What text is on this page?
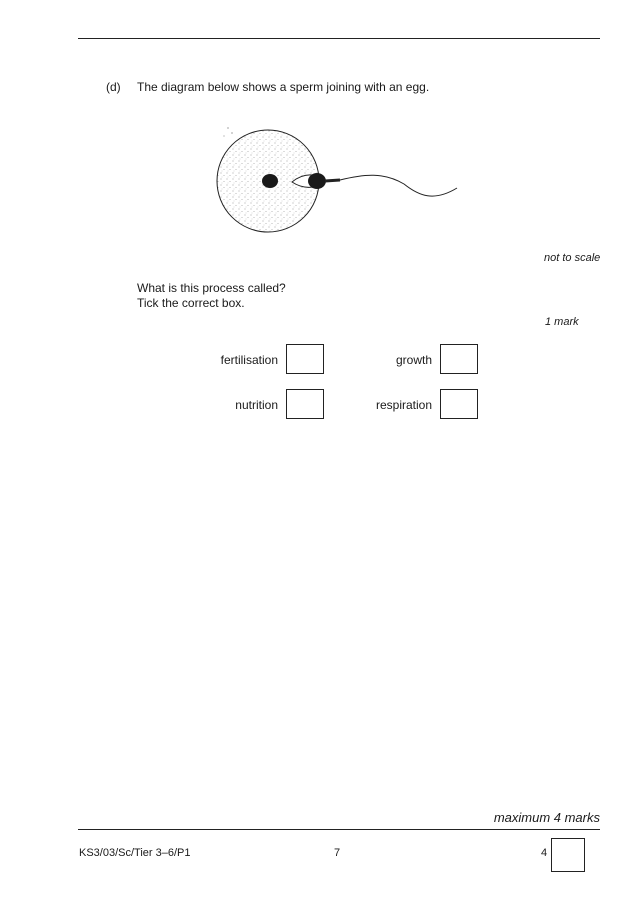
(d) The diagram below shows a sperm joining with an egg.
not to scale
What is this process called?
Tick the correct box.
1 mark
fertilisation	growth
nutrition	respiration
maximum 4 marks
KS3/03/Sc/Tier 3–6/P1	7	4
